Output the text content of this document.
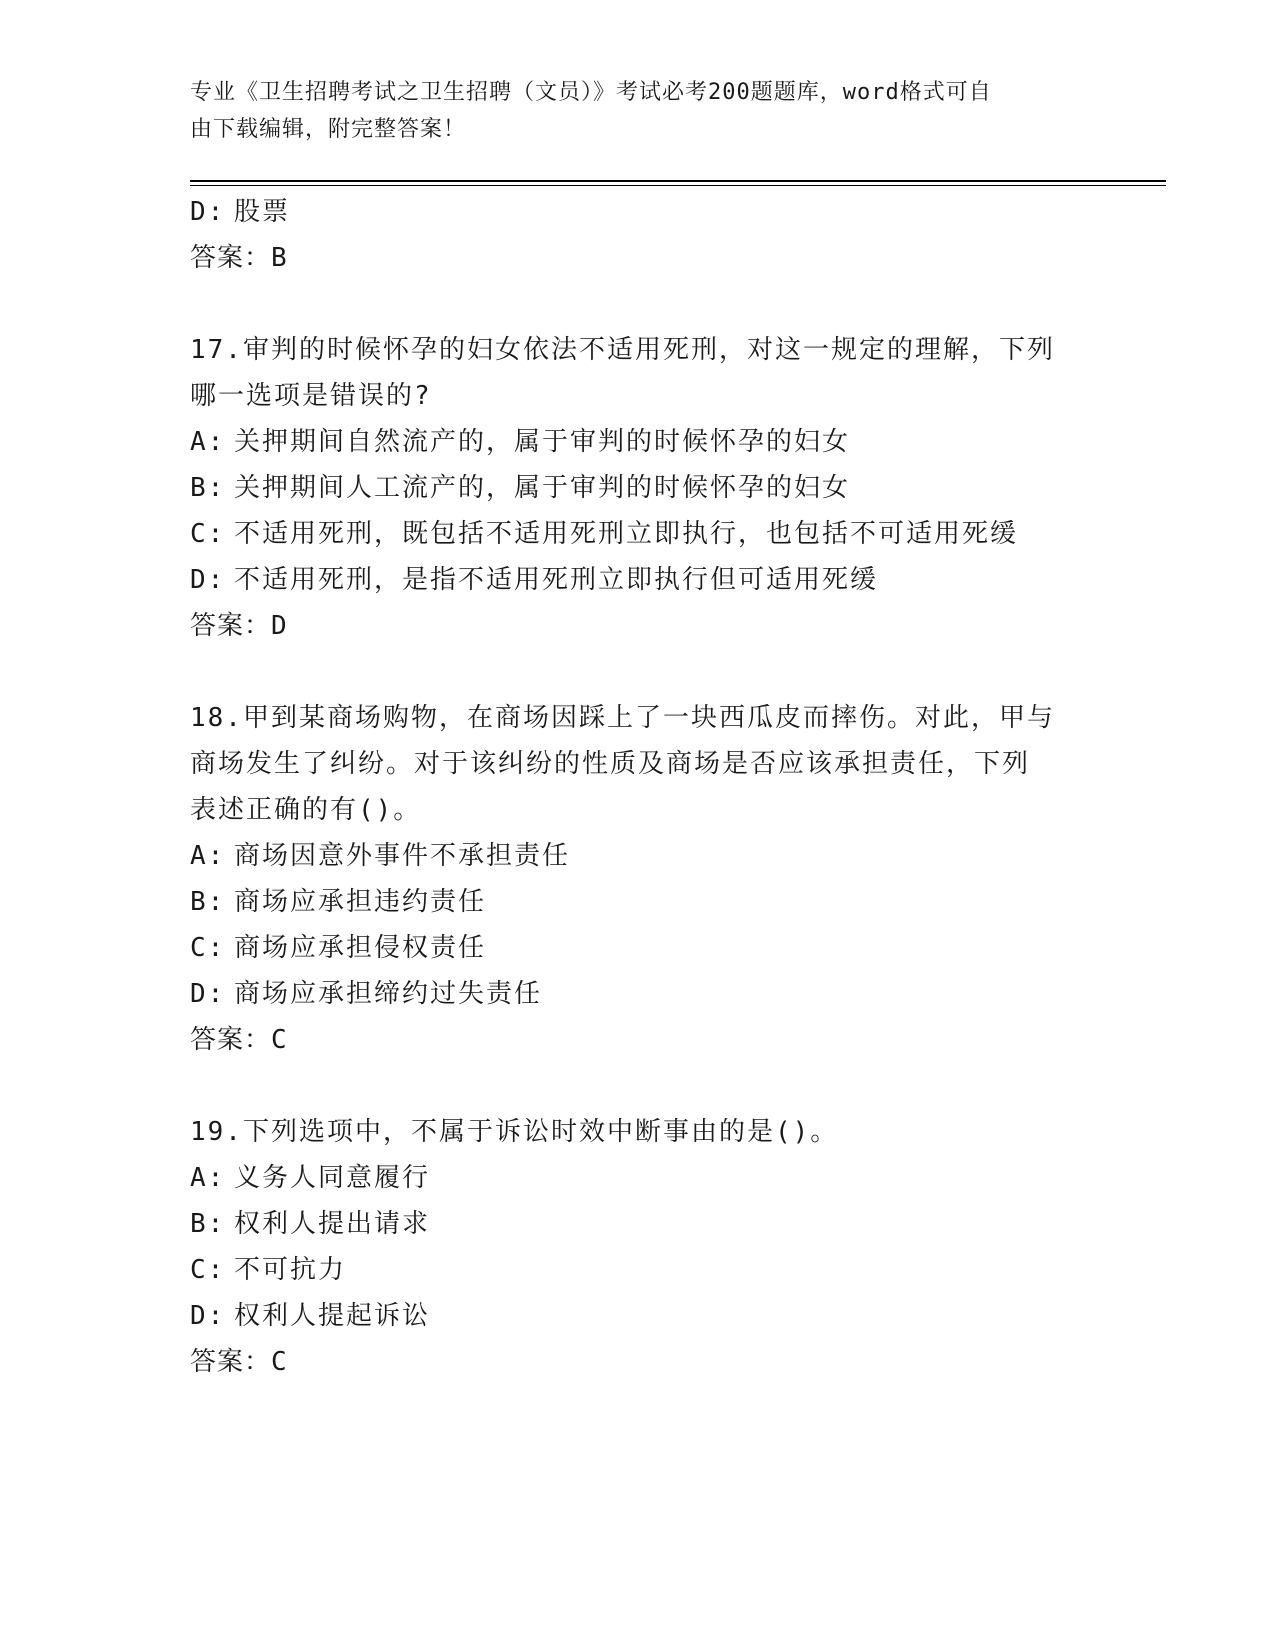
专业《卫生招聘考试之卫生招聘（文员）》考试必考200题题库，word格式可自
由下载编辑，附完整答案！
D: 股票
答案：B
17.审判的时候怀孕的妇女依法不适用死刑，对这一规定的理解，下列
哪一选项是错误的?
A: 关押期间自然流产的，属于审判的时候怀孕的妇女
B: 关押期间人工流产的，属于审判的时候怀孕的妇女
C: 不适用死刑，既包括不适用死刑立即执行，也包括不可适用死缓
D: 不适用死刑，是指不适用死刑立即执行但可适用死缓
答案：D
18.甲到某商场购物，在商场因踩上了一块西瓜皮而摔伤。对此，甲与
商场发生了纠纷。对于该纠纷的性质及商场是否应该承担责任，下列
表述正确的有()。
A: 商场因意外事件不承担责任
B: 商场应承担违约责任
C: 商场应承担侵权责任
D: 商场应承担缔约过失责任
答案：C
19.下列选项中，不属于诉讼时效中断事由的是()。
A: 义务人同意履行
B: 权利人提出请求
C: 不可抗力
D: 权利人提起诉讼
答案：C
